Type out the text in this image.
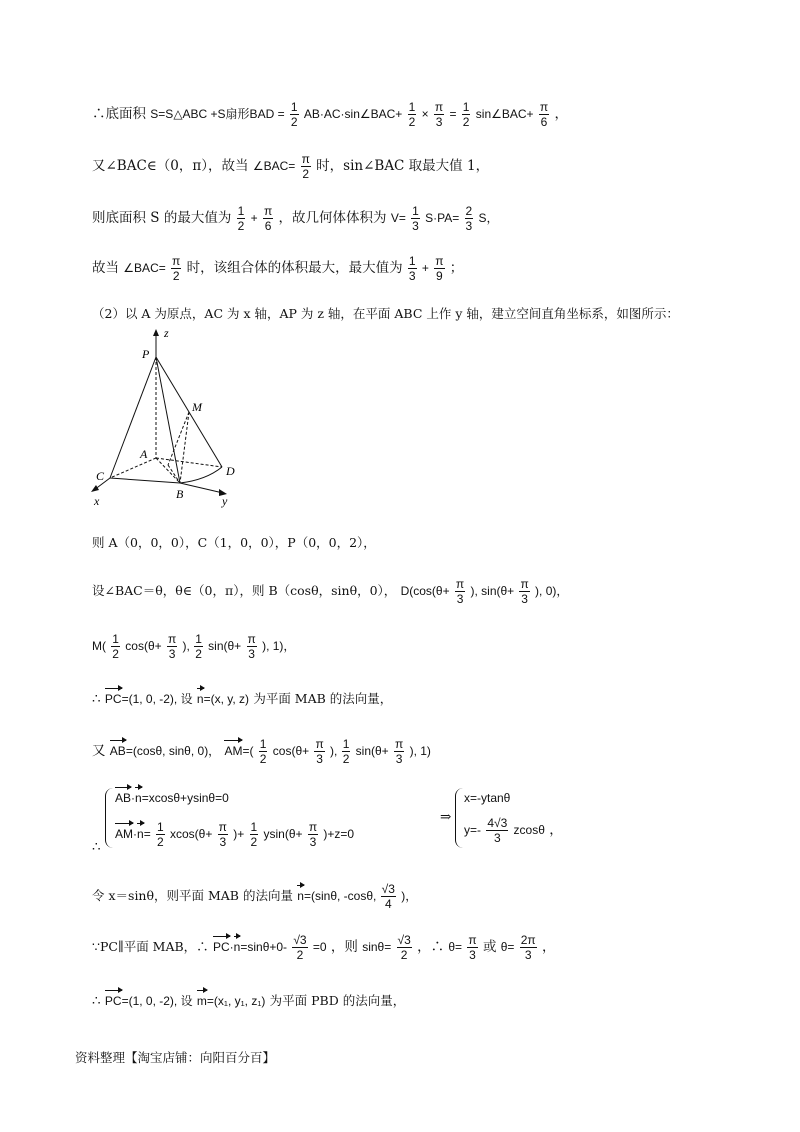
∴底面积 S=S△ABC +S扇形BAD = $\frac{1}{2}$ AB·AC·sin∠BAC+ $\frac{1}{2} \times \frac{\pi}{3} = \frac{1}{2}$ sin∠BAC+ $\frac{\pi}{6}$ ，
又∠BAC∈（0，π），故当 ∠BAC= $\frac{\pi}{2}$ 时，sin∠BAC 取最大值 1，
则底面积 S 的最大值为 $\frac{1}{2} + \frac{\pi}{6}$ ，故几何体体积为 $V= \frac{1}{3} S\cdot PA= \frac{2}{3}$ S，
故当 ∠BAC= $\frac{\pi}{2}$ 时，该组合体的体积最大，最大值为 $\frac{1}{3} + \frac{\pi}{9}$ ；
（2）以 A 为原点，AC 为 x 轴，AP 为 z 轴，在平面 ABC 上作 y 轴，建立空间直角坐标系，如图所示：
P
z
M
A
C	D
B
x	y
则 A（0，0，0），C（1，0，0），P（0，0，2），
设∠BAC＝θ，θ∈（0，π），则 B（cosθ，sinθ，0）， $D(\cos(\theta+ \frac{\pi}{3}$ ), $\sin(\theta+ \frac{\pi}{3}$ ), 0)，
$M( \frac{1}{2} \cos(\theta+ \frac{\pi}{3}$ ), $\frac{1}{2} \sin(\theta+ \frac{\pi}{3}$ ), 1)，
∴ PC=(1, 0, -2), 设 n=(x, y, z) 为平面 MAB 的法向量，
又 AB=(cosθ, sinθ, 0)， $AM=( \frac{1}{2} \cos(\theta+ \frac{\pi}{3}$ ), $\frac{1}{2} \sin(\theta+ \frac{\pi}{3}$ ), 1)
∴
AB·n=xcosθ+ysinθ=0
$AM\cdot n= \frac{1}{2} xcos(\theta+ \frac{\pi}{3}$ )+ $\frac{1}{2} ysin(\theta+ \frac{\pi}{3} )+z=0$
⇒
x=-ytanθ
$y=- \frac{4√3}{3}$ zcosθ ，
令 x＝sinθ，则平面 MAB 的法向量 n=(sinθ, -cosθ, $\frac{√3}{4}$ )，
∵PC∥平面 MAB，∴ $PC\cdot n=\sin\theta+0- \frac{√3}{2} =0$ ，则 $\sin\theta= \frac{√3}{2}$ ，∴ $\theta= \frac{\pi}{3}$ 或 $\theta= \frac{2\pi}{3}$ ，
∴ PC=(1, 0, -2), 设 m=(x₁, y₁, z₁) 为平面 PBD 的法向量，
资料整理【淘宝店铺：向阳百分百】
